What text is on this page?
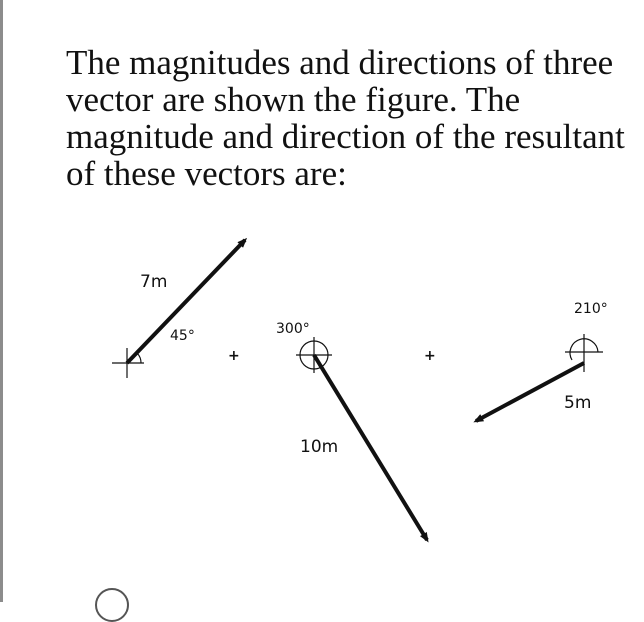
The magnitudes and directions of three
vector are shown the figure. The
magnitude and direction of the resultant
of these vectors are:
7m
45°
+
300°
10m
+
210°
5m
